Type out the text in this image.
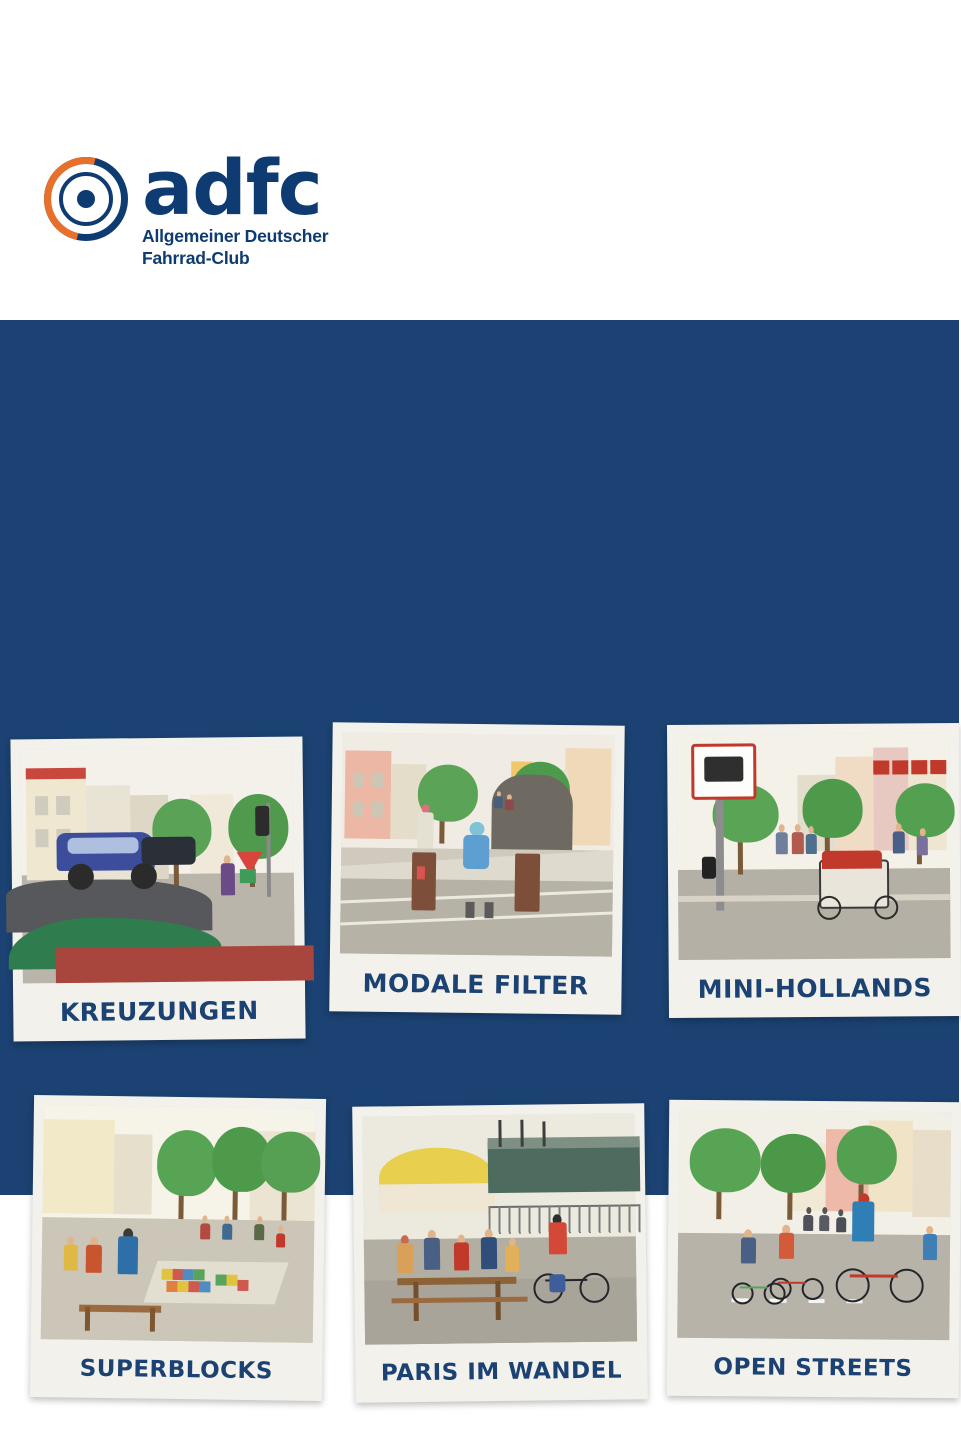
adfc
Allgemeiner Deutscher
Fahrrad-Club
KREUZUNGEN
MODALE FILTER	MINI-HOLLANDS
SUPERBLOCKS	PARIS IM WANDEL	OPEN STREETS
